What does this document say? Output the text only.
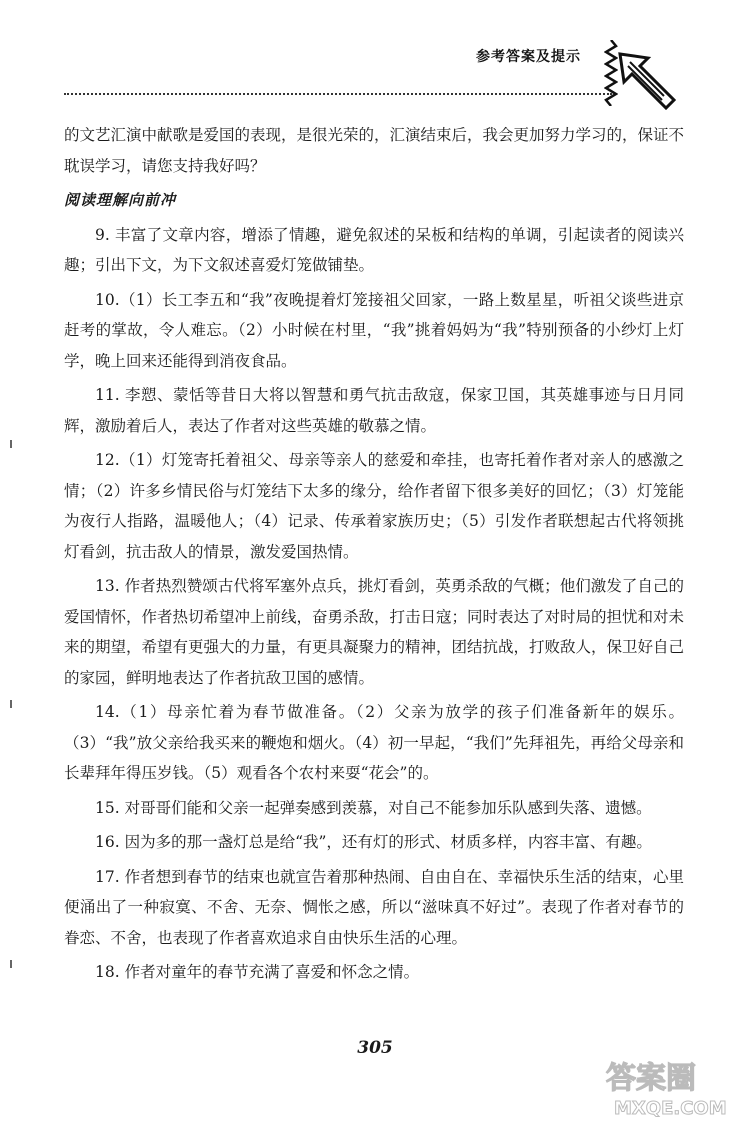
参考答案及提示

的文艺汇演中献歌是爱国的表现，是很光荣的，汇演结束后，我会更加努力学习的，保证不耽误学习，请您支持我好吗？

阅读理解向前冲

9. 丰富了文章内容，增添了情趣，避免叙述的呆板和结构的单调，引起读者的阅读兴趣；引出下文，为下文叙述喜爱灯笼做铺垫。

10.（1）长工李五和“我”夜晚提着灯笼接祖父回家，一路上数星星，听祖父谈些进京赶考的掌故，令人难忘。（2）小时候在村里，“我”挑着妈妈为“我”特别预备的小纱灯上灯学，晚上回来还能得到消夜食品。

11. 李愬、蒙恬等昔日大将以智慧和勇气抗击敌寇，保家卫国，其英雄事迹与日月同辉，激励着后人，表达了作者对这些英雄的敬慕之情。

12.（1）灯笼寄托着祖父、母亲等亲人的慈爱和牵挂，也寄托着作者对亲人的感激之情；（2）许多乡情民俗与灯笼结下太多的缘分，给作者留下很多美好的回忆；（3）灯笼能为夜行人指路，温暖他人；（4）记录、传承着家族历史；（5）引发作者联想起古代将领挑灯看剑，抗击敌人的情景，激发爱国热情。

13. 作者热烈赞颂古代将军塞外点兵，挑灯看剑，英勇杀敌的气概；他们激发了自己的爱国情怀，作者热切希望冲上前线，奋勇杀敌，打击日寇；同时表达了对时局的担忧和对未来的期望，希望有更强大的力量，有更具凝聚力的精神，团结抗战，打败敌人，保卫好自己的家园，鲜明地表达了作者抗敌卫国的感情。

14.（1）母亲忙着为春节做准备。（2）父亲为放学的孩子们准备新年的娱乐。（3）“我”放父亲给我买来的鞭炮和烟火。（4）初一早起，“我们”先拜祖先，再给父母亲和长辈拜年得压岁钱。（5）观看各个农村来耍“花会”的。

15. 对哥哥们能和父亲一起弹奏感到羡慕，对自己不能参加乐队感到失落、遗憾。

16. 因为多的那一盏灯总是给“我”，还有灯的形式、材质多样，内容丰富、有趣。

17. 作者想到春节的结束也就宣告着那种热闹、自由自在、幸福快乐生活的结束，心里便涌出了一种寂寞、不舍、无奈、惆怅之感，所以“滋味真不好过”。表现了作者对春节的眷恋、不舍，也表现了作者喜欢追求自由快乐生活的心理。

18. 作者对童年的春节充满了喜爱和怀念之情。

305
答案圈
MXQE.COM
